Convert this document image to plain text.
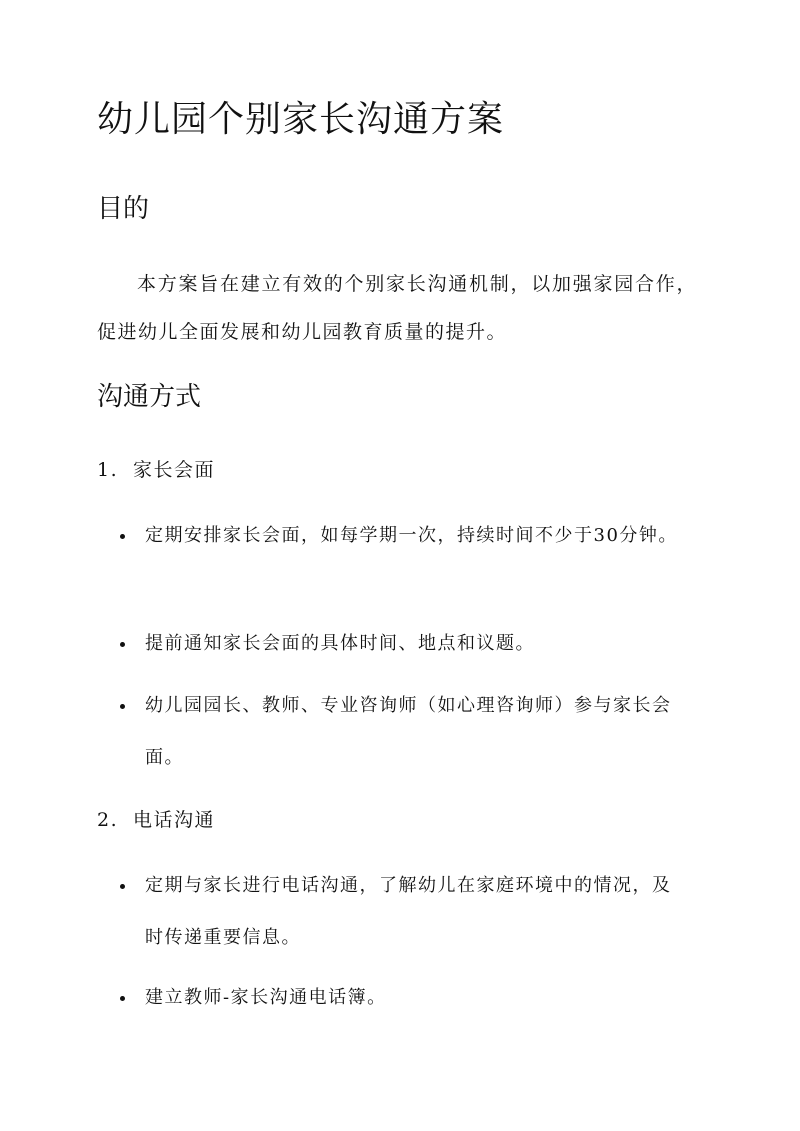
幼儿园个别家长沟通方案
目的

本方案旨在建立有效的个别家长沟通机制，以加强家园合作，促进幼儿全面发展和幼儿园教育质量的提升。

沟通方式
1. 家长会面
定期安排家长会面，如每学期一次，持续时间不少于30分钟。
提前通知家长会面的具体时间、地点和议题。
幼儿园园长、教师、专业咨询师（如心理咨询师）参与家长会面。
2. 电话沟通
定期与家长进行电话沟通，了解幼儿在家庭环境中的情况，及时传递重要信息。
建立教师-家长沟通电话簿。
